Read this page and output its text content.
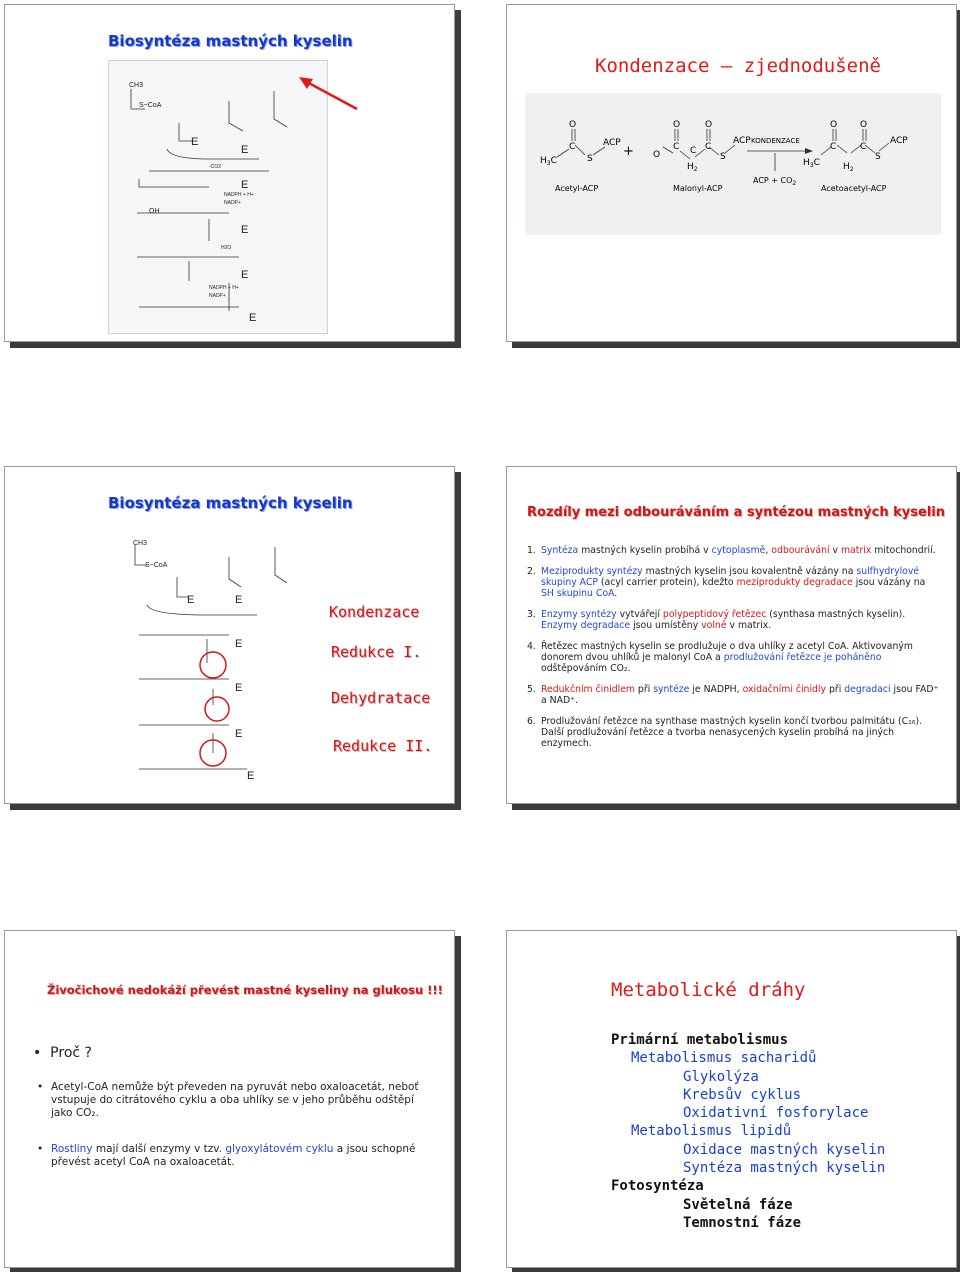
Biosyntéza mastných kyselin
CH3
S~CoA
E
E
-CO2
E
NADPH + H+
NADP+
OH
E
H2O
E
NADPH + H+
NADP+
E
Kondenzace – zjednodušeně
$H_3C$
O
C
S
ACP
+ O
O
C
$H_2$
C
O
C
S
ACP KONDENZACE
ACP + $CO_2$
$H_3C$
O
C
$H_2$
O
C
S
ACP
Acetyl-ACP	Malonyl-ACP	Acetoacetyl-ACP
Biosyntéza mastných kyselin
CH3
S~CoA
E	E
E
E
E
E
Kondenzace
Redukce I.
Dehydratace
Redukce II.
Rozdíly mezi odbouráváním a syntézou mastných kyselin
1. Syntéza mastných kyselin probíhá v cytoplasmě, odbourávání v matrix mitochondrií.
2. Meziprodukty syntézy mastných kyselin jsou kovalentně vázány na sulfhydrylové skupiny ACP (acyl carrier protein), kdežto meziprodukty degradace jsou vázány na SH skupinu CoA.
3. Enzymy syntézy vytvářejí polypeptidový řetězec (synthasa mastných kyselin). Enzymy degradace jsou umístěny volně v matrix.
4. Řetězec mastných kyselin se prodlužuje o dva uhlíky z acetyl CoA. Aktivovaným donorem dvou uhlíků je malonyl CoA a prodlužování řetězce je poháněno odštěpováním CO₂.
5. Redukčním činidlem při syntéze je NADPH, oxidačními činidly při degradaci jsou FAD⁺ a NAD⁺.
6. Prodlužování řetězce na synthase mastných kyselin končí tvorbou palmitátu (C₁₆). Další prodlužování řetězce a tvorba nenasycených kyselin probíhá na jiných enzymech.
Živočichové nedokáží převést mastné kyseliny na glukosu !!!
•  Proč ?
• Acetyl-CoA nemůže být převeden na pyruvát nebo oxaloacetát, neboť vstupuje do citrátového cyklu a oba uhlíky se v jeho průběhu odštěpí jako CO₂.
• Rostliny mají další enzymy v tzv. glyoxylátovém cyklu a jsou schopné převést acetyl CoA na oxaloacetát.
Metabolické dráhy
Primární metabolismus
Metabolismus sacharidů
Glykolýza
Krebsův cyklus
Oxidativní fosforylace
Metabolismus lipidů
Oxidace mastných kyselin
Syntéza mastných kyselin
Fotosyntéza
Světelná fáze
Temnostní fáze
